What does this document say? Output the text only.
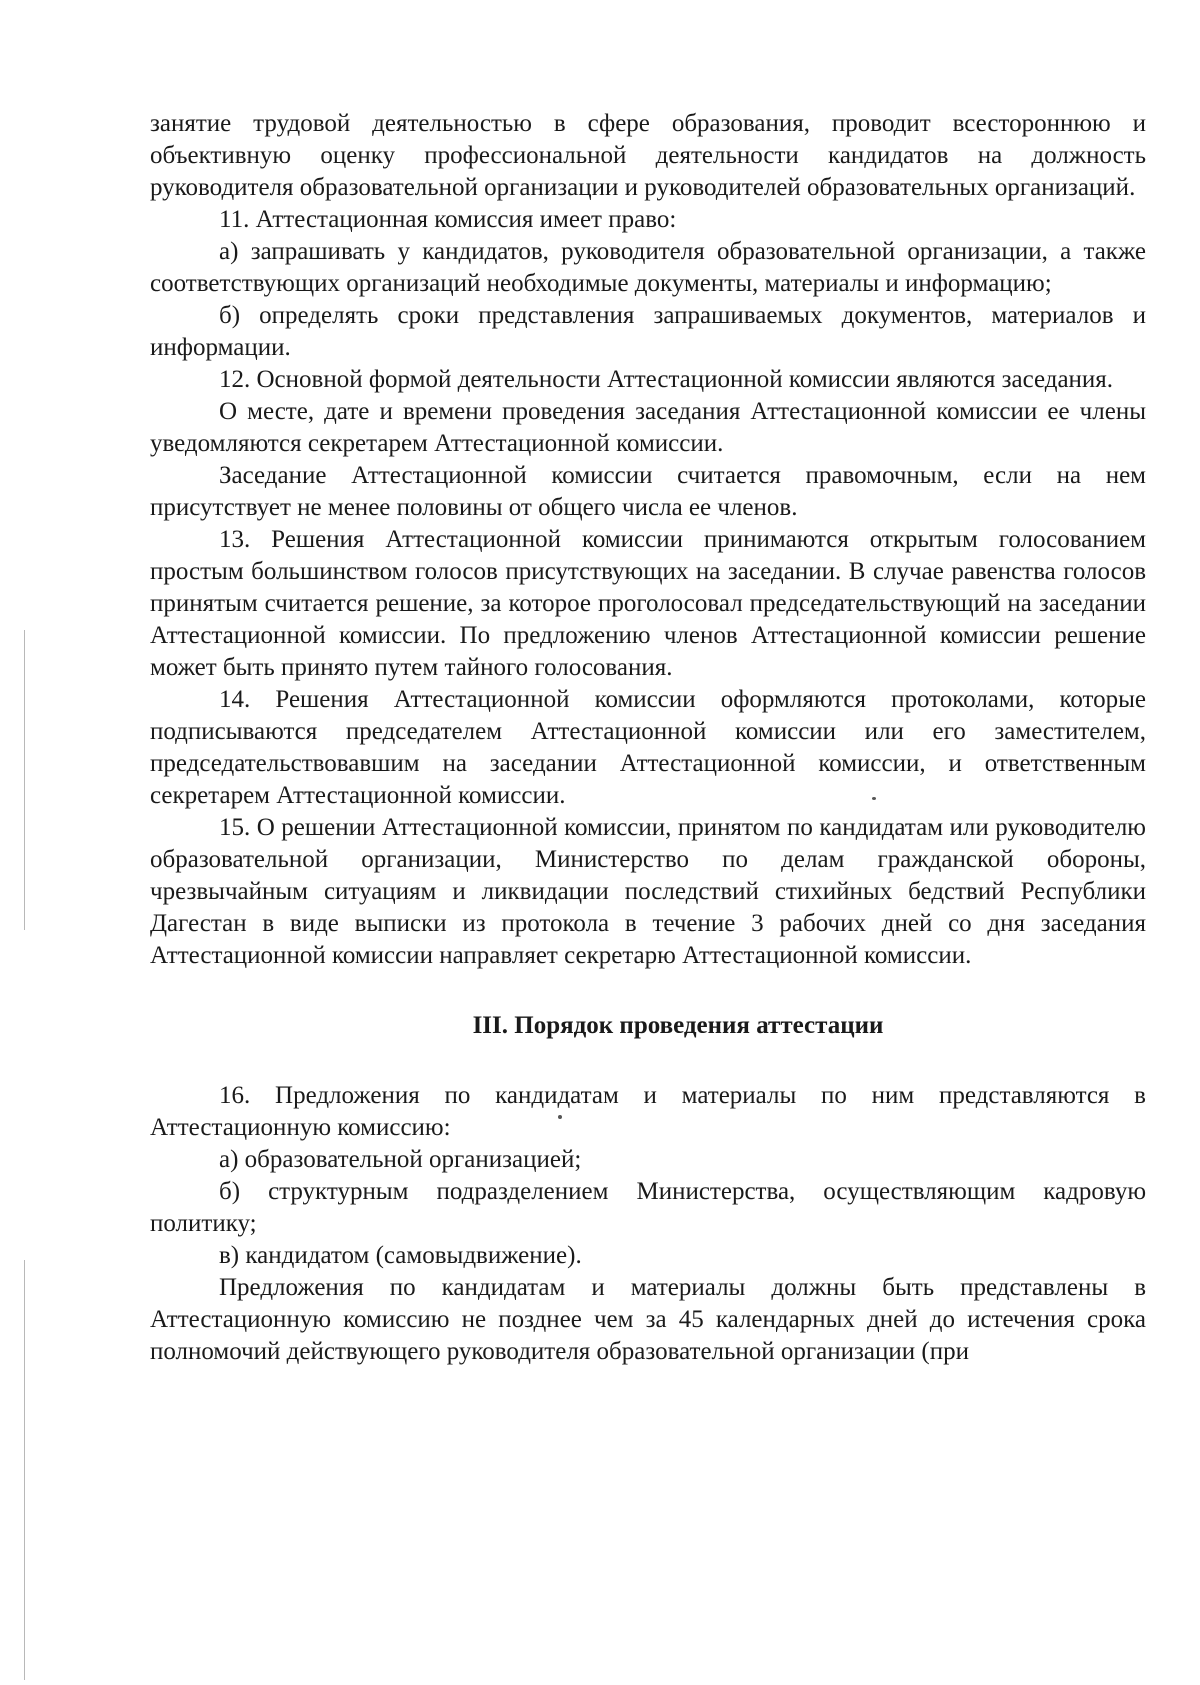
занятие трудовой деятельностью в сфере образования, проводит всестороннюю и объективную оценку профессиональной деятельности кандидатов на должность руководителя образовательной организации и руководителей образовательных организаций.

11. Аттестационная комиссия имеет право:

а) запрашивать у кандидатов, руководителя образовательной организации, а также соответствующих организаций необходимые документы, материалы и информацию;

б) определять сроки представления запрашиваемых документов, материалов и информации.

12. Основной формой деятельности Аттестационной комиссии являются заседания.

О месте, дате и времени проведения заседания Аттестационной комиссии ее члены уведомляются секретарем Аттестационной комиссии.

Заседание Аттестационной комиссии считается правомочным, если на нем присутствует не менее половины от общего числа ее членов.

13. Решения Аттестационной комиссии принимаются открытым голосованием простым большинством голосов присутствующих на заседании. В случае равенства голосов принятым считается решение, за которое проголосовал председательствующий на заседании Аттестационной комиссии. По предложению членов Аттестационной комиссии решение может быть принято путем тайного голосования.

14. Решения Аттестационной комиссии оформляются протоколами, которые подписываются председателем Аттестационной комиссии или его заместителем, председательствовавшим на заседании Аттестационной комиссии, и ответственным секретарем Аттестационной комиссии.

15. О решении Аттестационной комиссии, принятом по кандидатам или руководителю образовательной организации, Министерство по делам гражданской обороны, чрезвычайным ситуациям и ликвидации последствий стихийных бедствий Республики Дагестан в виде выписки из протокола в течение 3 рабочих дней со дня заседания Аттестационной комиссии направляет секретарю Аттестационной комиссии.

III. Порядок проведения аттестации

16. Предложения по кандидатам и материалы по ним представляются в Аттестационную комиссию:

а) образовательной организацией;

б) структурным подразделением Министерства, осуществляющим кадровую политику;

в) кандидатом (самовыдвижение).

Предложения по кандидатам и материалы должны быть представлены в Аттестационную комиссию не позднее чем за 45 календарных дней до истечения срока полномочий действующего руководителя образовательной организации (при
